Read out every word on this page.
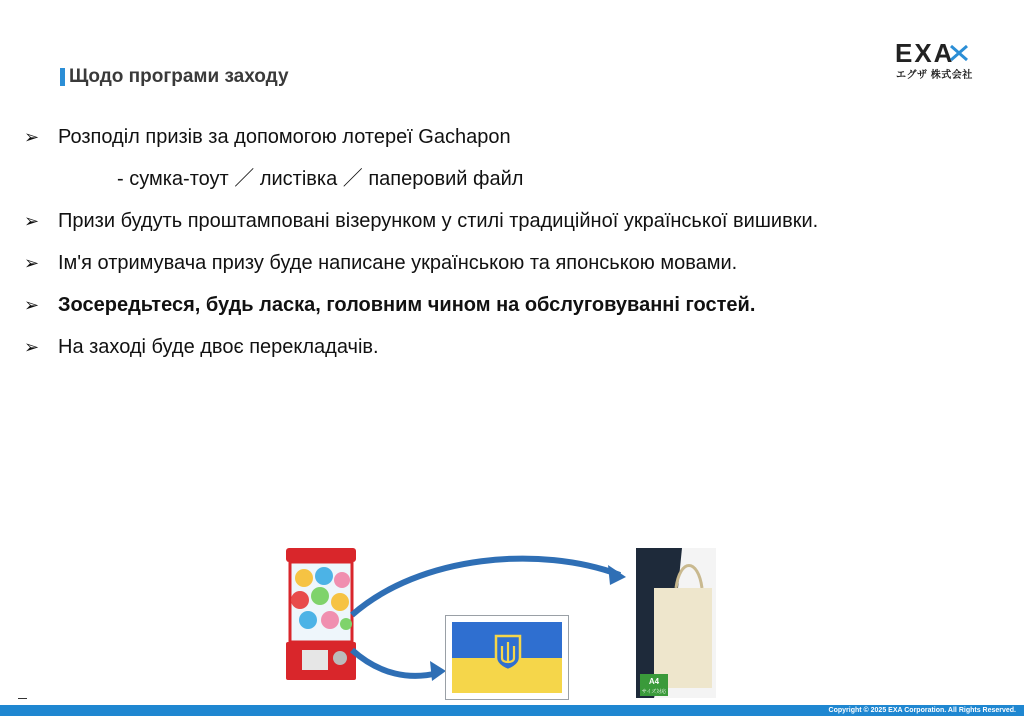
Щодо програми заходу
EXA
エグザ 株式会社
➢ Розподіл призів за допомогою лотереї Gachapon
- сумка-тоут ／ листівка ／ паперовий файл
➢ Призи будуть проштамповані візерунком у стилі традиційної української вишивки.
➢ Ім'я отримувача призу буде написане українською та японською мовами.
➢ Зосередьтеся, будь ласка, головним чином на обслуговуванні гостей.
➢ На заході буде двоє перекладачів.
A4
サイズ対応
Copyright © 2025 EXA Corporation. All Rights Reserved.
